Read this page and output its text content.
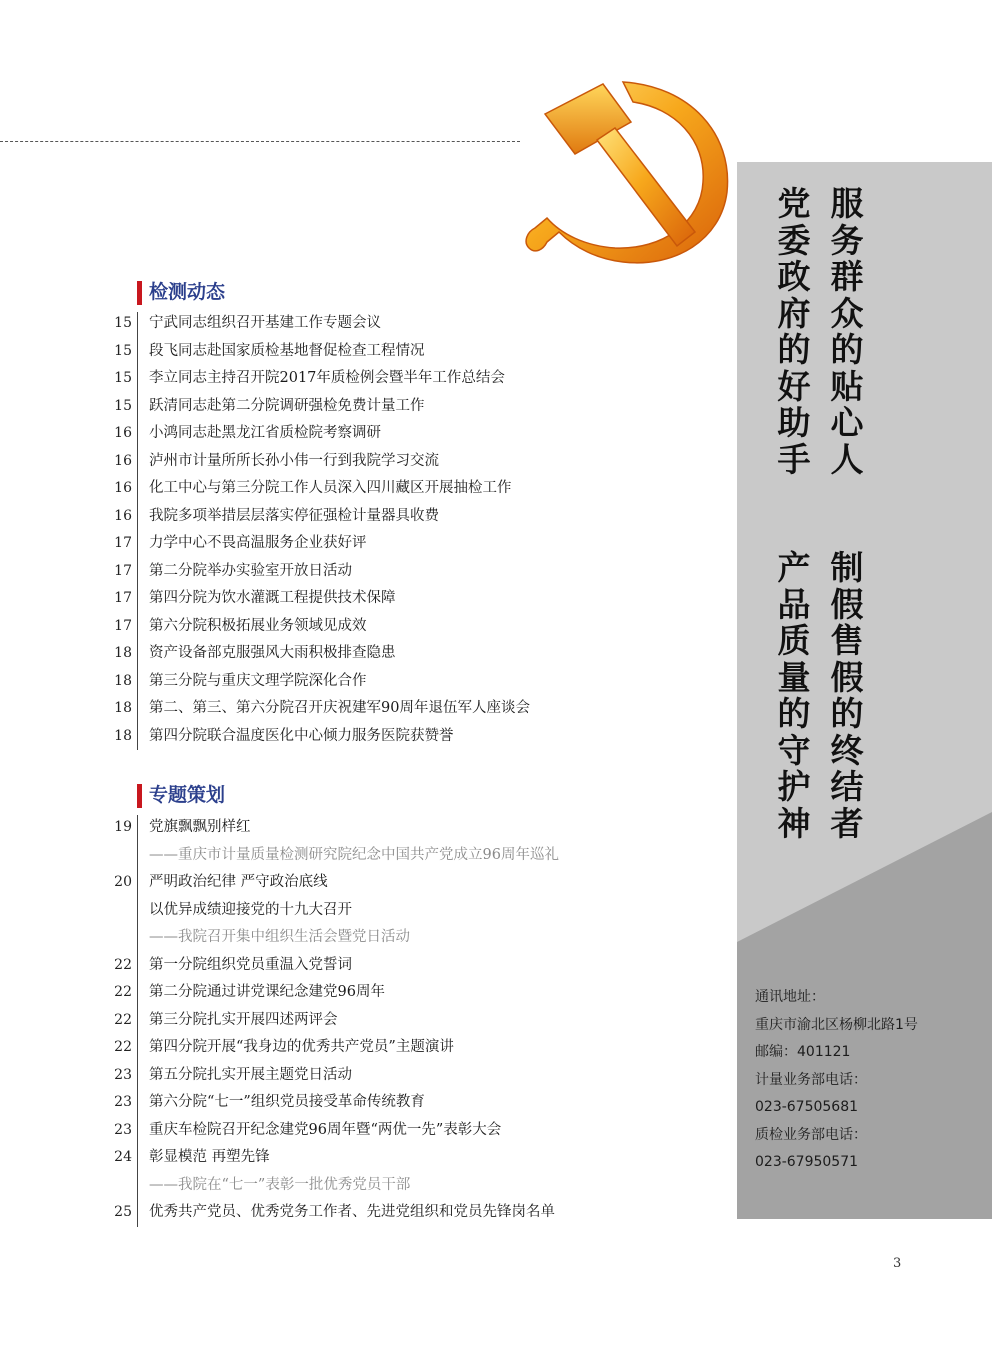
服
务
群
众
的
贴
心
人
党
委
政
府
的
好
助
手
制
假
售
假
的
终
结
者
产
品
质
量
的
守
护
神
通讯地址：
重庆市渝北区杨柳北路1号
邮编：401121
计量业务部电话：
023-67505681
质检业务部电话：
023-67950571
检测动态
15 宁武同志组织召开基建工作专题会议
15 段飞同志赴国家质检基地督促检查工程情况
15 李立同志主持召开院2017年质检例会暨半年工作总结会
15 跃清同志赴第二分院调研强检免费计量工作
16 小鸿同志赴黑龙江省质检院考察调研
16 泸州市计量所所长孙小伟一行到我院学习交流
16 化工中心与第三分院工作人员深入四川藏区开展抽检工作
16 我院多项举措层层落实停征强检计量器具收费
17 力学中心不畏高温服务企业获好评
17 第二分院举办实验室开放日活动
17 第四分院为饮水灌溉工程提供技术保障
17 第六分院积极拓展业务领域见成效
18 资产设备部克服强风大雨积极排查隐患
18 第三分院与重庆文理学院深化合作
18 第二、第三、第六分院召开庆祝建军90周年退伍军人座谈会
18 第四分院联合温度医化中心倾力服务医院获赞誉
专题策划
19 党旗飘飘别样红
——重庆市计量质量检测研究院纪念中国共产党成立96周年巡礼
20 严明政治纪律 严守政治底线
以优异成绩迎接党的十九大召开
——我院召开集中组织生活会暨党日活动
22 第一分院组织党员重温入党誓词
22 第二分院通过讲党课纪念建党96周年
22 第三分院扎实开展四述两评会
22 第四分院开展“我身边的优秀共产党员”主题演讲
23 第五分院扎实开展主题党日活动
23 第六分院“七一”组织党员接受革命传统教育
23 重庆车检院召开纪念建党96周年暨“两优一先”表彰大会
24 彰显模范 再塑先锋
——我院在“七一”表彰一批优秀党员干部
25 优秀共产党员、优秀党务工作者、先进党组织和党员先锋岗名单
3
